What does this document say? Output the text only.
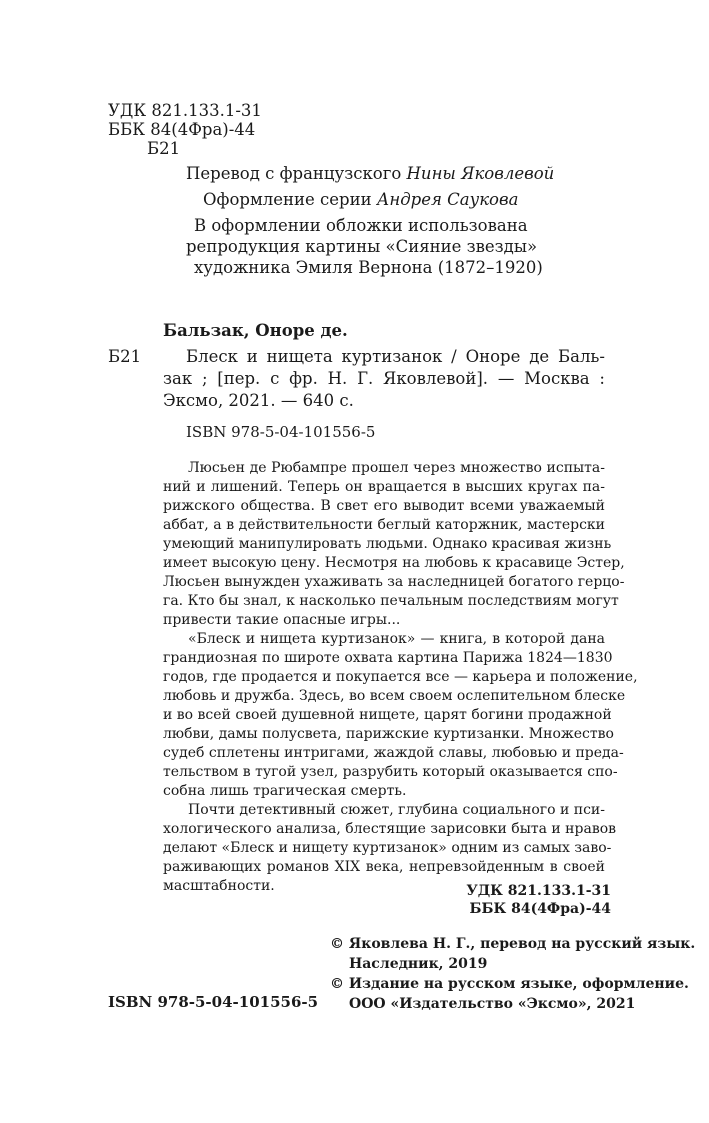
УДК 821.133.1-31
ББК 84(4Фра)-44
Б21
Перевод с французского Нины Яковлевой
Оформление серии Андрея Саукова
В оформлении обложки использована
репродукция картины «Сияние звезды»
художника Эмиля Вернона (1872–1920)
Бальзак, Оноре де.
Б21	Блеск и нищета куртизанок / Оноре де Баль-
зак ; [пер. с фр. Н. Г. Яковлевой]. — Москва :
Эксмо, 2021. — 640 с.
ISBN 978-5-04-101556-5
Люсьен де Рюбампре прошел через множество испыта-
ний и лишений. Теперь он вращается в высших кругах па-
рижского общества. В свет его выводит всеми уважаемый
аббат, а в действительности беглый каторжник, мастерски
умеющий манипулировать людьми. Однако красивая жизнь
имеет высокую цену. Несмотря на любовь к красавице Эстер,
Люсьен вынужден ухаживать за наследницей богатого герцо-
га. Кто бы знал, к насколько печальным последствиям могут
привести такие опасные игры...
«Блеск и нищета куртизанок» — книга, в которой дана
грандиозная по широте охвата картина Парижа 1824—1830
годов, где продается и покупается все — карьера и положение,
любовь и дружба. Здесь, во всем своем ослепительном блеске
и во всей своей душевной нищете, царят богини продажной
любви, дамы полусвета, парижские куртизанки. Множество
судеб сплетены интригами, жаждой славы, любовью и преда-
тельством в тугой узел, разрубить который оказывается спо-
собна лишь трагическая смерть.
Почти детективный сюжет, глубина социального и пси-
хологического анализа, блестящие зарисовки быта и нравов
делают «Блеск и нищету куртизанок» одним из самых заво-
раживающих романов XIX века, непревзойденным в своей
масштабности.	УДК 821.133.1-31
ББК 84(4Фра)-44
© Яковлева Н. Г., перевод на русский язык.
Наследник, 2019
© Издание на русском языке, оформление.
ООО «Издательство «Эксмо», 2021
ISBN 978-5-04-101556-5
